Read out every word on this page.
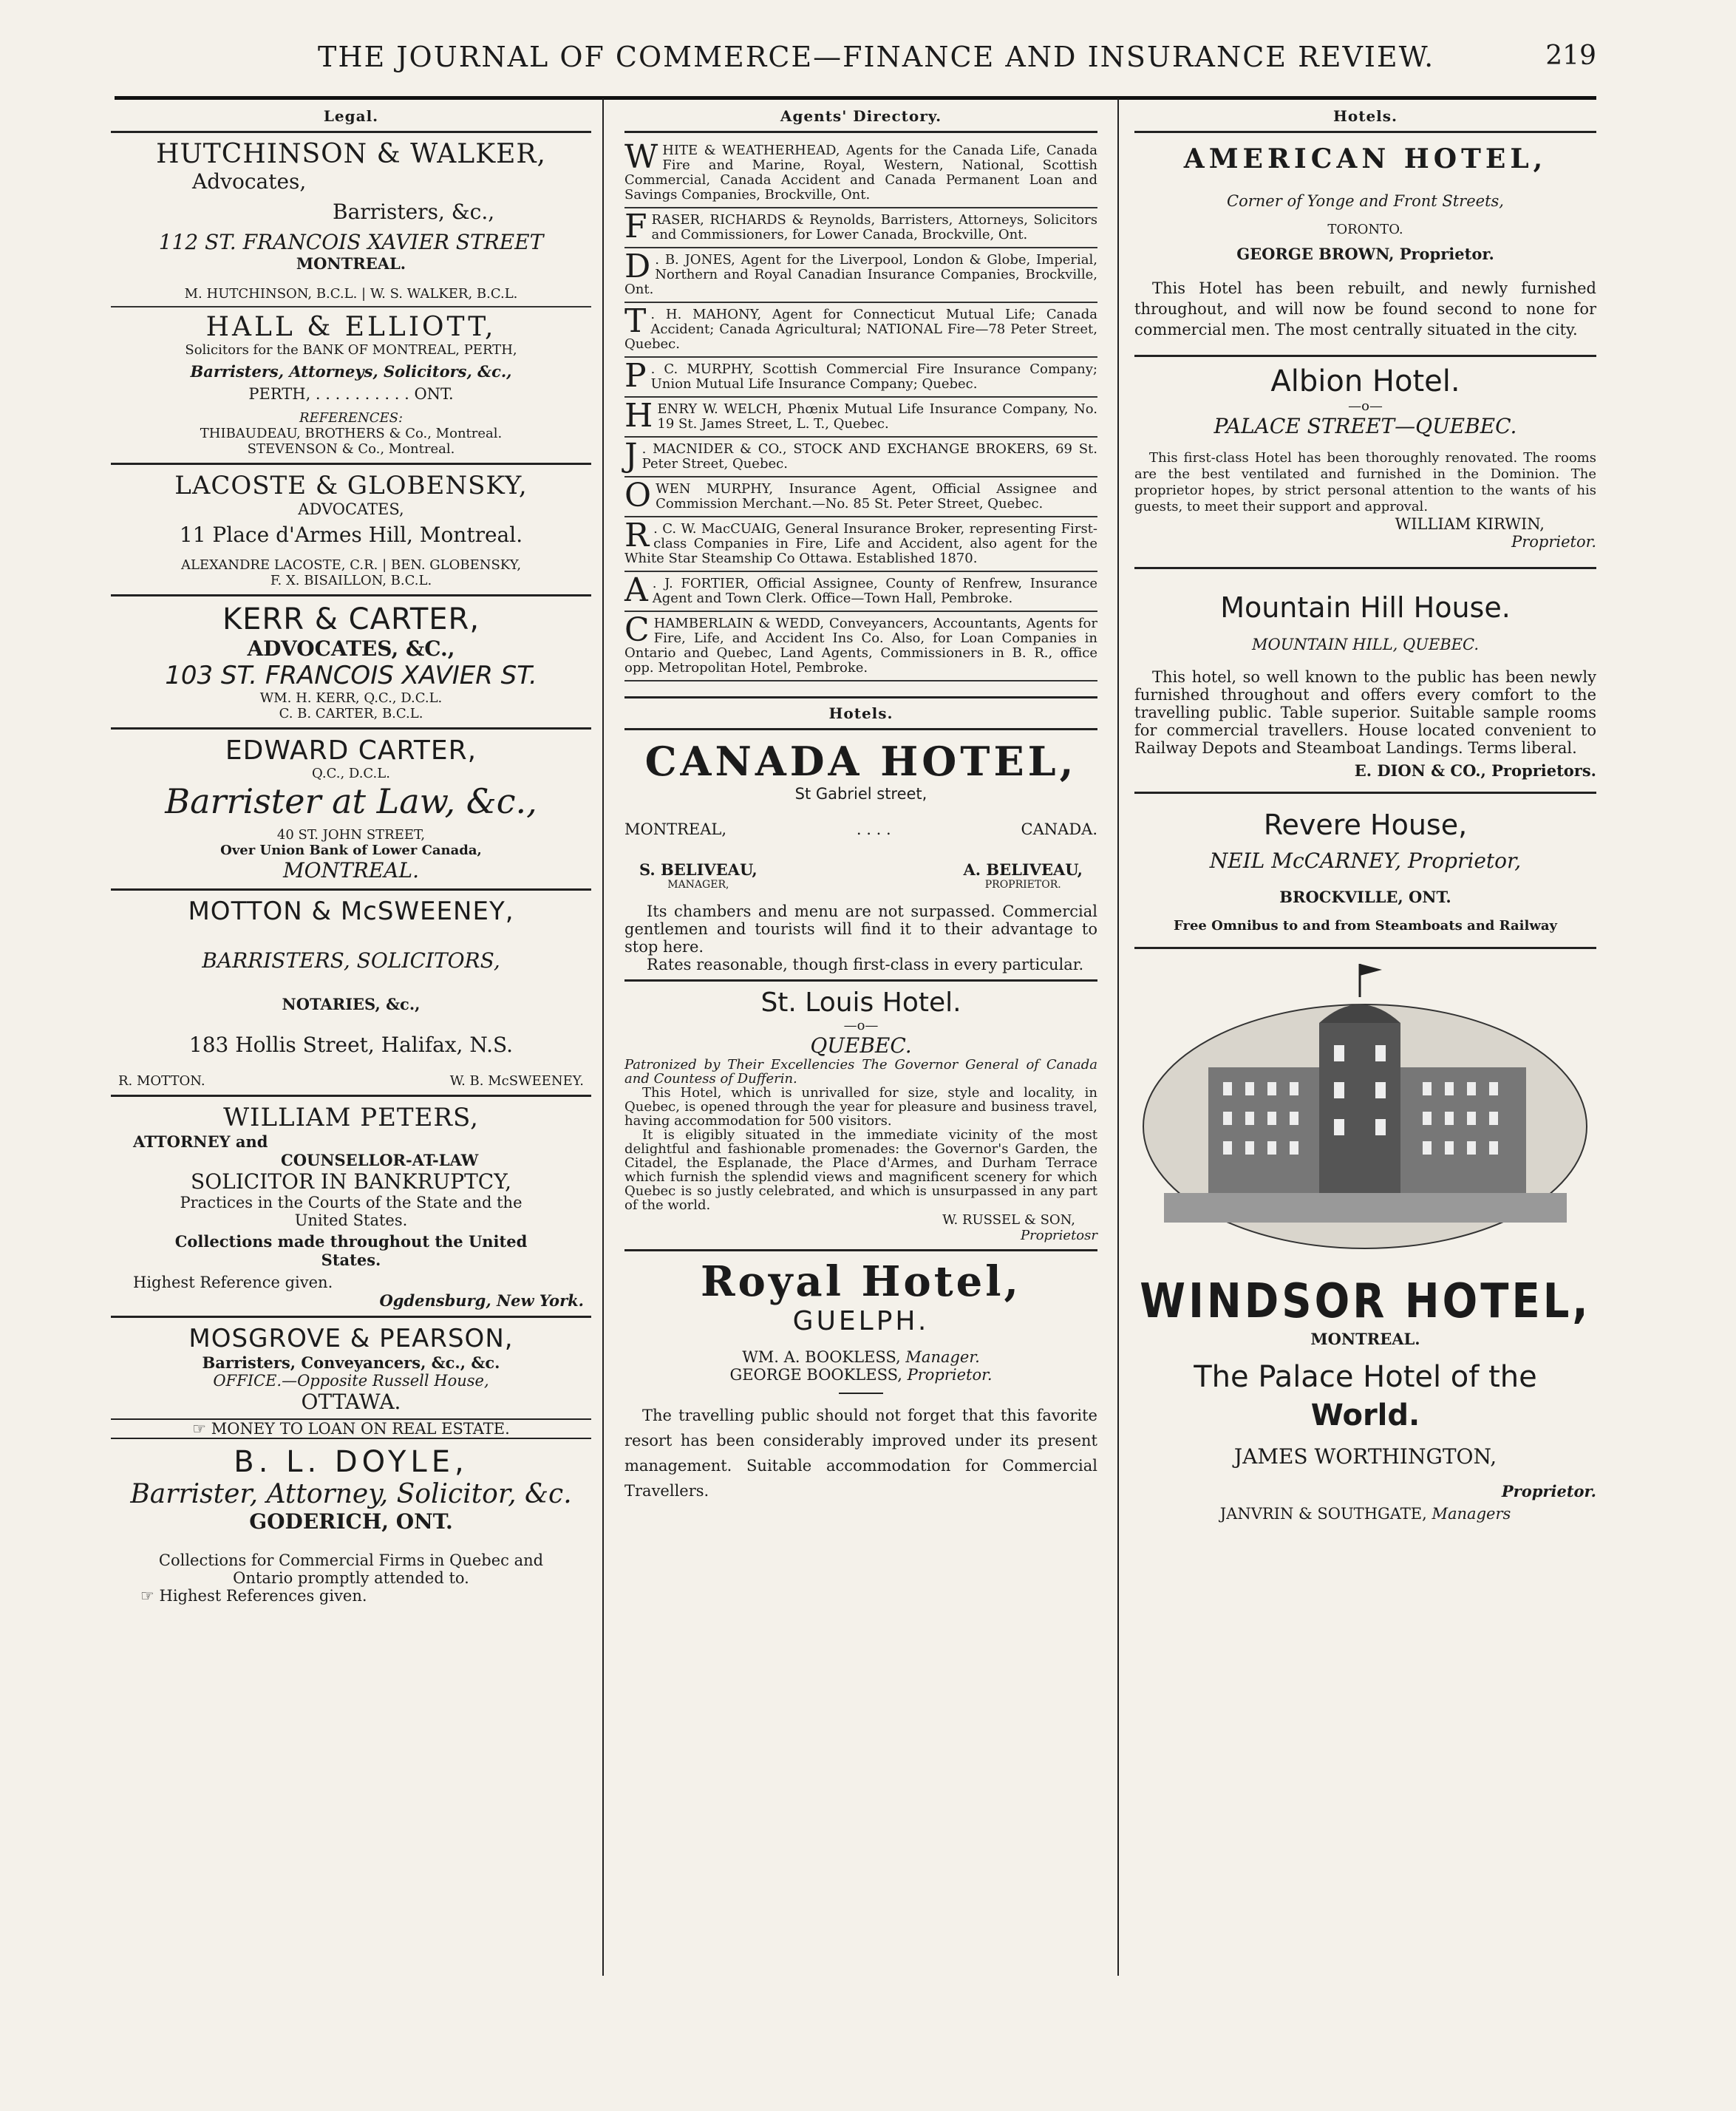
THE JOURNAL OF COMMERCE—FINANCE AND INSURANCE REVIEW.	219
Legal.
HUTCHINSON & WALKER,
Advocates,
Barristers, &c.,
112 ST. FRANCOIS XAVIER STREET
MONTREAL.
M. HUTCHINSON, B.C.L. | W. S. WALKER, B.C.L.
HALL & ELLIOTT,
Solicitors for the BANK OF MONTREAL, PERTH,
Barristers, Attorneys, Solicitors, &c.,
PERTH, . . . . . . . . . . ONT.
REFERENCES:
THIBAUDEAU, BROTHERS & Co., Montreal.
STEVENSON & Co., Montreal.
LACOSTE & GLOBENSKY,
ADVOCATES,
11 Place d'Armes Hill, Montreal.
ALEXANDRE LACOSTE, C.R. | BEN. GLOBENSKY,
F. X. BISAILLON, B.C.L.
KERR & CARTER,
ADVOCATES, &C.,
103 ST. FRANCOIS XAVIER ST.
WM. H. KERR, Q.C., D.C.L.
C. B. CARTER, B.C.L.
EDWARD CARTER,
Q.C., D.C.L.
Barrister at Law, &c.,
40 ST. JOHN STREET,
Over Union Bank of Lower Canada,
MONTREAL.
MOTTON & McSWEENEY,
BARRISTERS, SOLICITORS,
NOTARIES, &c.,
183 Hollis Street, Halifax, N.S.
R. MOTTON.	W. B. McSWEENEY.
WILLIAM PETERS,
ATTORNEY and
COUNSELLOR-AT-LAW
SOLICITOR IN BANKRUPTCY,
Practices in the Courts of the State and the
United States.
Collections made throughout the United
States.
Highest Reference given.
Ogdensburg, New York.
MOSGROVE & PEARSON,
Barristers, Conveyancers, &c., &c.
OFFICE.—Opposite Russell House,
OTTAWA.
☞ MONEY TO LOAN ON REAL ESTATE.
B. L. DOYLE,
Barrister, Attorney, Solicitor, &c.
GODERICH, ONT.
Collections for Commercial Firms in Quebec and
Ontario promptly attended to.
☞ Highest References given.
Agents' Directory.
WHITE & WEATHERHEAD, Agents for the Canada Life, Canada Fire and Marine, Royal, Western, National, Scottish Commercial, Canada Accident and Canada Permanent Loan and Savings Companies, Brockville, Ont.
FRASER, RICHARDS & Reynolds, Barristers, Attorneys, Solicitors and Commissioners, for Lower Canada, Brockville, Ont.
D . B. JONES, Agent for the Liverpool, London & Globe, Imperial, Northern and Royal Canadian Insurance Companies, Brockville, Ont.
T . H. MAHONY, Agent for Connecticut Mutual Life; Canada Accident; Canada Agricultural; NATIONAL Fire—78 Peter Street, Quebec.
P . C. MURPHY, Scottish Commercial Fire Insurance Company; Union Mutual Life Insurance Company; Quebec.
HENRY W. WELCH, Phœnix Mutual Life Insurance Company, No. 19 St. James Street, L. T., Quebec.
J . MACNIDER & CO., STOCK AND EXCHANGE BROKERS, 69 St. Peter Street, Quebec.
OWEN MURPHY, Insurance Agent, Official Assignee and Commission Merchant.—No. 85 St. Peter Street, Quebec.
R . C. W. MacCUAIG, General Insurance Broker, representing First-class Companies in Fire, Life and Accident, also agent for the White Star Steamship Co Ottawa. Established 1870.
A . J. FORTIER, Official Assignee, County of Renfrew, Insurance Agent and Town Clerk. Office—Town Hall, Pembroke.
CHAMBERLAIN & WEDD, Conveyancers, Accountants, Agents for Fire, Life, and Accident Ins Co. Also, for Loan Companies in Ontario and Quebec, Land Agents, Commissioners in B. R., office opp. Metropolitan Hotel, Pembroke.
Hotels.
CANADA HOTEL,
St Gabriel street,
MONTREAL,	. . . .	CANADA.
S. BELIVEAU,
MANAGER,
A. BELIVEAU,
PROPRIETOR.
Its chambers and menu are not surpassed. Commercial gentlemen and tourists will find it to their advantage to stop here.
Rates reasonable, though first-class in every particular.
St. Louis Hotel.
—o—
QUEBEC.
Patronized by Their Excellencies The Governor General of Canada and Countess of Dufferin.
This Hotel, which is unrivalled for size, style and locality, in Quebec, is opened through the year for pleasure and business travel, having accommodation for 500 visitors.
It is eligibly situated in the immediate vicinity of the most delightful and fashionable promenades: the Governor's Garden, the Citadel, the Esplanade, the Place d'Armes, and Durham Terrace which furnish the splendid views and magnificent scenery for which Quebec is so justly celebrated, and which is unsurpassed in any part of the world.
W. RUSSEL & SON,
Proprietosr
Royal Hotel,
GUELPH.
WM. A. BOOKLESS, Manager.
GEORGE BOOKLESS, Proprietor.
The travelling public should not forget that this favorite resort has been considerably improved under its present management. Suitable accommodation for Commercial Travellers.
Hotels.
AMERICAN HOTEL,
Corner of Yonge and Front Streets,
TORONTO.
GEORGE BROWN, Proprietor.
This Hotel has been rebuilt, and newly furnished throughout, and will now be found second to none for commercial men. The most centrally situated in the city.
Albion Hotel.
—o—
PALACE STREET—QUEBEC.
This first-class Hotel has been thoroughly renovated. The rooms are the best ventilated and furnished in the Dominion. The proprietor hopes, by strict personal attention to the wants of his guests, to meet their support and approval.
WILLIAM KIRWIN,
Proprietor.
Mountain Hill House.
MOUNTAIN HILL, QUEBEC.
This hotel, so well known to the public has been newly furnished throughout and offers every comfort to the travelling public. Table superior. Suitable sample rooms for commercial travellers. House located convenient to Railway Depots and Steamboat Landings. Terms liberal.
E. DION & CO., Proprietors.
Revere House,
NEIL McCARNEY, Proprietor,
BROCKVILLE, ONT.
Free Omnibus to and from Steamboats and Railway
WINDSOR HOTEL,
MONTREAL.
The Palace Hotel of the
World.
JAMES WORTHINGTON,
Proprietor.
JANVRIN & SOUTHGATE, Managers
